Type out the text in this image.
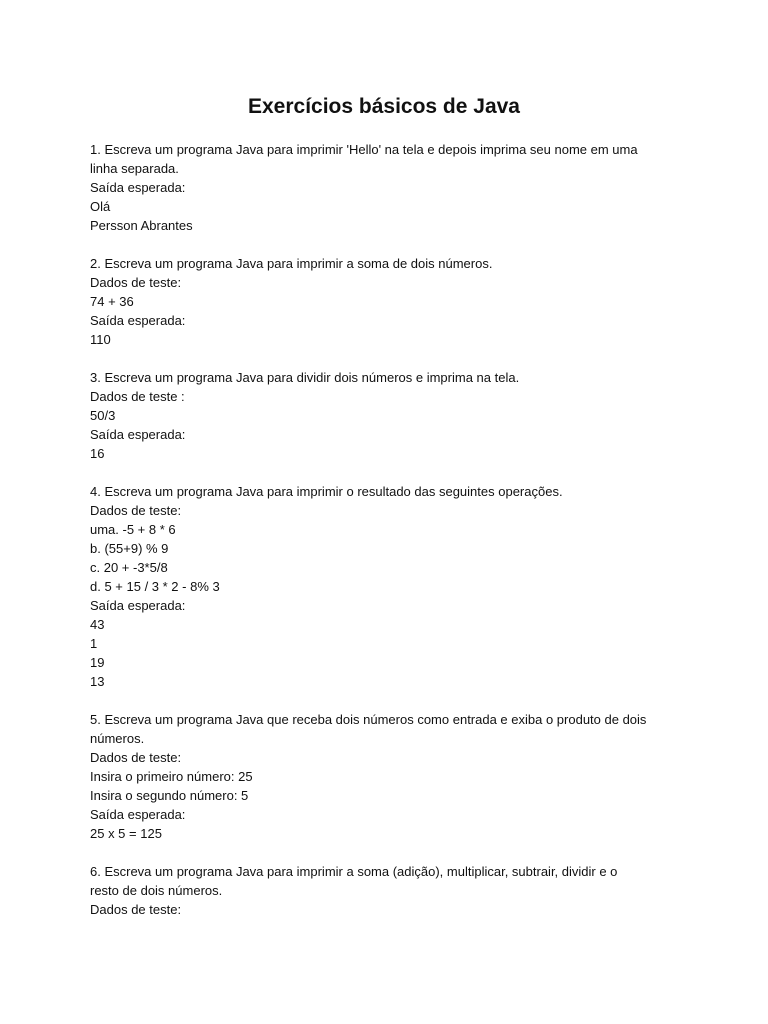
Exercícios básicos de Java
1. Escreva um programa Java para imprimir 'Hello' na tela e depois imprima seu nome em uma
linha separada.
Saída esperada:
Olá
Persson Abrantes
2. Escreva um programa Java para imprimir a soma de dois números.
Dados de teste:
74 + 36
Saída esperada:
110
3. Escreva um programa Java para dividir dois números e imprima na tela.
Dados de teste :
50/3
Saída esperada:
16
4. Escreva um programa Java para imprimir o resultado das seguintes operações.
Dados de teste:
uma. -5 + 8 * 6
b. (55+9) % 9
c. 20 + -3*5/8
d. 5 + 15 / 3 * 2 - 8% 3
Saída esperada:
43
1
19
13
5. Escreva um programa Java que receba dois números como entrada e exiba o produto de dois
números.
Dados de teste:
Insira o primeiro número: 25
Insira o segundo número: 5
Saída esperada:
25 x 5 = 125
6. Escreva um programa Java para imprimir a soma (adição), multiplicar, subtrair, dividir e o
resto de dois números.
Dados de teste:
